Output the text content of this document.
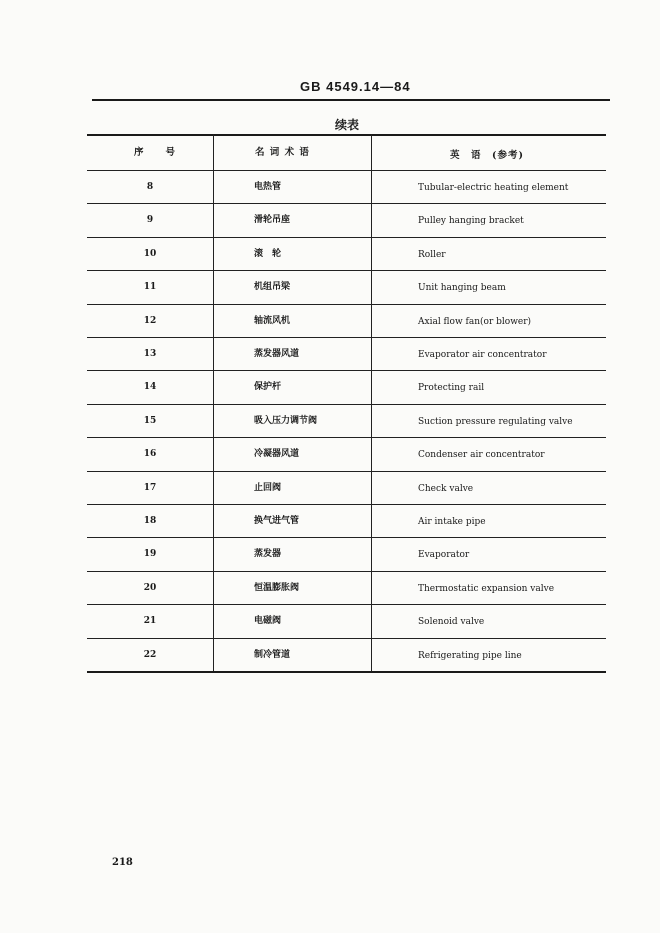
GB 4549.14—84
续表
序　　号	名 词 术 语	英　语　(参考)
8	电热管	Tubular-electric heating element
9	滑轮吊座	Pulley hanging bracket
10	滚　轮	Roller
11	机组吊梁	Unit hanging beam
12	轴流风机	Axial flow fan(or blower)
13	蒸发器风道	Evaporator air concentrator
14	保护杆	Protecting rail
15	吸入压力调节阀	Suction pressure regulating valve
16	冷凝器风道	Condenser air concentrator
17	止回阀	Check valve
18	换气进气管	Air intake pipe
19	蒸发器	Evaporator
20	恒温膨胀阀	Thermostatic expansion valve
21	电磁阀	Solenoid valve
22	制冷管道	Refrigerating pipe line
218
